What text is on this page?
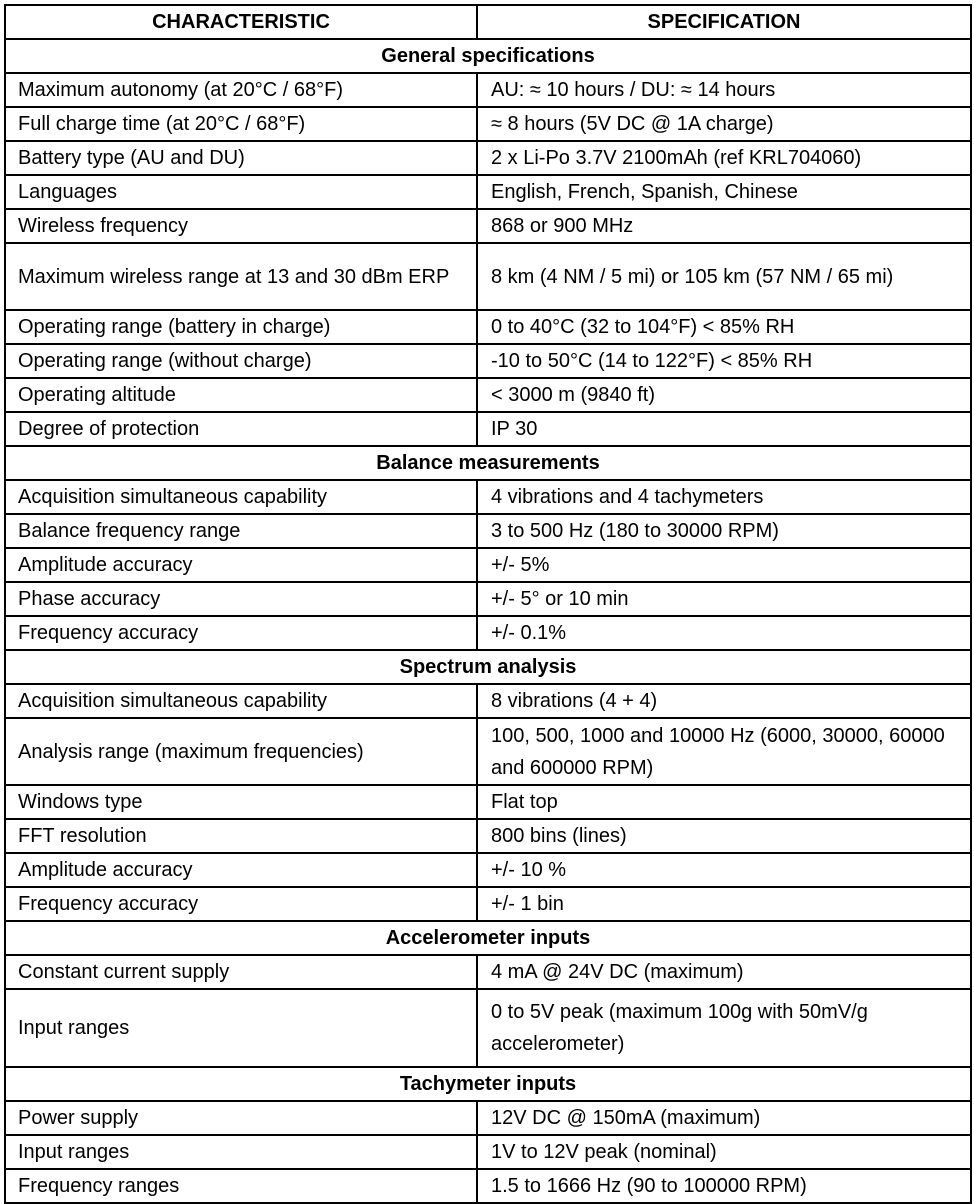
CHARACTERISTIC	SPECIFICATION
General specifications	
Maximum autonomy (at 20°C / 68°F)	AU: ≈ 10 hours / DU: ≈ 14 hours
Full charge time (at 20°C / 68°F)	≈ 8 hours (5V DC @ 1A charge)
Battery type (AU and DU)	2 x Li-Po 3.7V 2100mAh (ref KRL704060)
Languages	English, French, Spanish, Chinese
Wireless frequency	868 or 900 MHz
Maximum wireless range at 13 and 30 dBm ERP	8 km (4 NM / 5 mi) or 105 km (57 NM / 65 mi)
Operating range (battery in charge)	0 to 40°C (32 to 104°F) < 85% RH
Operating range (without charge)	-10 to 50°C (14 to 122°F) < 85% RH
Operating altitude	< 3000 m (9840 ft)
Degree of protection	IP 30
Balance measurements	
Acquisition simultaneous capability	4 vibrations and 4 tachymeters
Balance frequency range	3 to 500 Hz (180 to 30000 RPM)
Amplitude accuracy	+/- 5%
Phase accuracy	+/- 5° or 10 min
Frequency accuracy	+/- 0.1%
Spectrum analysis	
Acquisition simultaneous capability	8 vibrations (4 + 4)
Analysis range (maximum frequencies)	100, 500, 1000 and 10000 Hz (6000, 30000, 60000 and 600000 RPM)
Windows type	Flat top
FFT resolution	800 bins (lines)
Amplitude accuracy	+/- 10 %
Frequency accuracy	+/- 1 bin
Accelerometer inputs	
Constant current supply	4 mA @ 24V DC (maximum)
Input ranges	0 to 5V peak (maximum 100g with 50mV/g accelerometer)
Tachymeter inputs	
Power supply	12V DC @ 150mA (maximum)
Input ranges	1V to 12V peak (nominal)
Frequency ranges	1.5 to 1666 Hz (90 to 100000 RPM)
